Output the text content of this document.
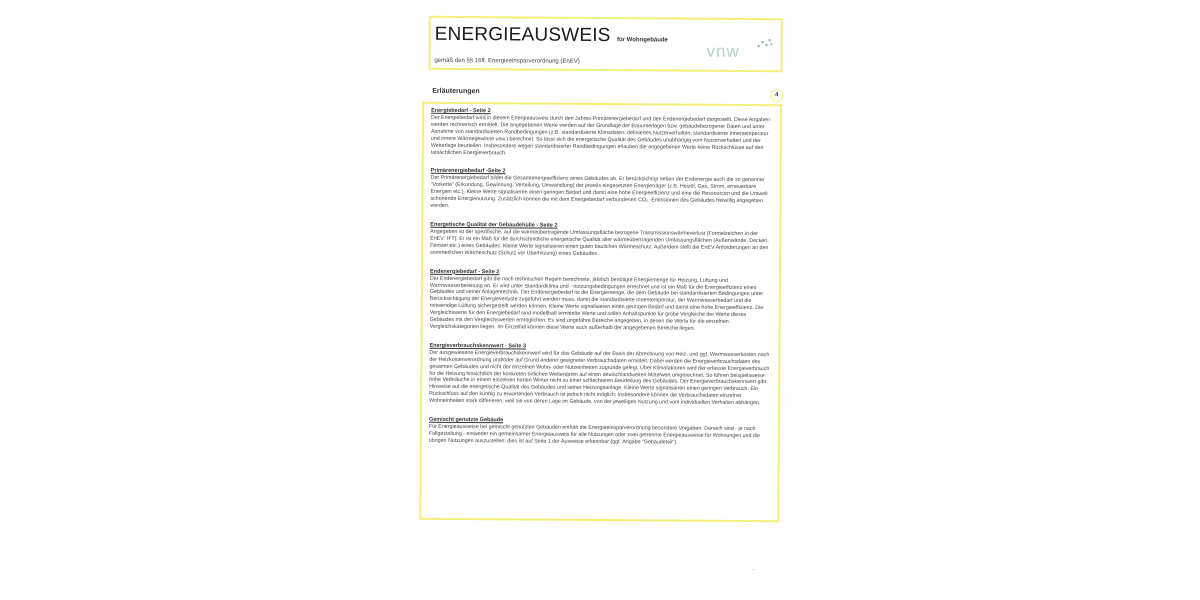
ENERGIEAUSWEIS für Wohngebäude
gemäß den §§ 16ff. Energieeinsparverordnung (EnEV)
vnw
Erläuterungen
4
Energiebedarf - Seite 2
Der Energiebedarf wird in diesem Energieausweis durch den Jahres-Primärenergiebedarf und den Endenergiebedarf dargestellt. Diese Angaben werden rechnerisch ermittelt. Die angegebenen Werte werden auf der Grundlage der Bauunterlagen bzw. gebäudebezogener Daten und unter Annahme von standardisierten Randbedingungen (z.B. standardisierte Klimadaten, definiertes Nutzerverhalten, standardisierte Innentemperatur und innere Wärmegewinne usw.) berechnet. So lässt sich die energetische Qualität des Gebäudes unabhängig vom Nutzerverhalten und der Wetterlage beurteilen. Insbesondere wegen standardisierter Randbedingungen erlauben die angegebenen Werte keine Rückschlüsse auf den tatsächlichen Energieverbrauch.
Primärenergiebedarf -Seite 2
Der Primärenergiebedarf bildet die Gesamtenergieeffizienz eines Gebäudes ab. Er berücksichtigt neben der Endenergie auch die so genannte "Vorkette" (Erkundung, Gewinnung, Verteilung, Umwandlung) der jeweils eingesetzten Energieträger (z.B. Heizöl, Gas, Strom, erneuerbare Energien etc.). Kleine Werte signalisieren einen geringen Bedarf und damit eine hohe Energieeffizienz und eine die Ressourcen und die Umwelt schonende Energienutzung. Zusätzlich können die mit dem Energiebedarf verbundenen CO₂ -Emissionen des Gebäudes freiwillig angegeben werden.
Energetische Qualität der Gebäudehülle - Seite 2
Angegeben ist der spezifische, auf die wärmeübertragende Umfassungsfläche bezogene Transmissionswärmeverlust (Formelzeichen in der EnEV: H'T). Er ist ein Maß für die durchschnittliche energetische Qualität aller wärmeübertragenden Umfassungsflächen (Außenwände, Decken, Fenster etc.) eines Gebäudes. Kleine Werte signalisieren einen guten baulichen Wärmeschutz. Außerdem stellt die EnEV Anforderungen an den sommerlichen Wärmeschutz (Schutz vor Überhitzung) eines Gebäudes.
Endenergiebedarf - Seite 2
Der Endenergiebedarf gibt die nach technischen Regeln berechnete, jährlich benötigte Energiemenge für Heizung, Lüftung und Warmwasserbereitung an. Er wird unter Standardklima und - nutzungsbedingungen errechnet und ist ein Maß für die Energieeffizienz eines Gebäudes und seiner Anlagentechnik. Der Endenergiebedarf ist die Energiemenge, die dem Gebäude bei standardisierten Bedingungen unter Berücksichtigung der Energieverluste zugeführt werden muss, damit die standardisierte Innentemperatur, der Warmwasserbedarf und die notwendige Lüftung sichergestellt werden können. Kleine Werte signalisieren einen geringen Bedarf und damit eine hohe Energieeffizienz. Die Vergleichswerte für den Energiebedarf sind modellhaft ermittelte Werte und sollen Anhaltspunkte für grobe Vergleiche der Werte dieses Gebäudes mit den Vergleichswerten ermöglichen. Es sind ungefähre Bereiche angegeben, in denen die Werte für die einzelnen Vergleichskategorien liegen. Im Einzelfall können diese Werte auch außerhalb der angegebenen Bereiche liegen.
Energieverbrauchskennwert - Seite 3
Der ausgewiesene Energieverbrauchskennwert wird für das Gebäude auf der Basis der Abrechnung von Heiz- und ggf. Warmwasserkosten nach der Heizkostenverordnung und/oder auf Grund anderer geeigneter Verbrauchsdaten ermittelt. Dabei werden die Energieverbrauchsdaten des gesamten Gebäudes und nicht der einzelnen Wohn- oder Nutzeinheiten zugrunde gelegt. Über Klimafaktoren wird der erfasste Energieverbrauch für die Heizung hinsichtlich der konkreten örtlichen Wetterdaten auf einen deutschlandweiten Mittelwert umgerechnet. So führen beispielsweise hohe Verbräuche in einem einzelnen harten Winter nicht zu einer schlechteren Beurteilung des Gebäudes. Der Energieverbrauchskennwert gibt Hinweise auf die energetische Qualität des Gebäudes und seiner Heizungsanlage. Kleine Werte signalisieren einen geringen Verbrauch. Ein Rückschluss auf den künftig zu erwartenden Verbrauch ist jedoch nicht möglich; insbesondere können die Verbrauchsdaten einzelner Wohneinheiten stark differieren, weil sie von deren Lage im Gebäude, von der jeweiligen Nutzung und vom individuellen Verhalten abhängen.
Gemischt genutzte Gebäude
Für Energieausweise bei gemischt genutzten Gebäuden enthält die Energieeinsparverordnung besondere Vorgaben. Danach sind - je nach Fallgestaltung - entweder ein gemeinsamer Energieausweis für alle Nutzungen oder zwei getrennte Energieausweise für Wohnungen und die übrigen Nutzungen auszustellen; dies ist auf Seite 1 der Ausweise erkennbar (ggf. Angabe "Gebäudeteil").
